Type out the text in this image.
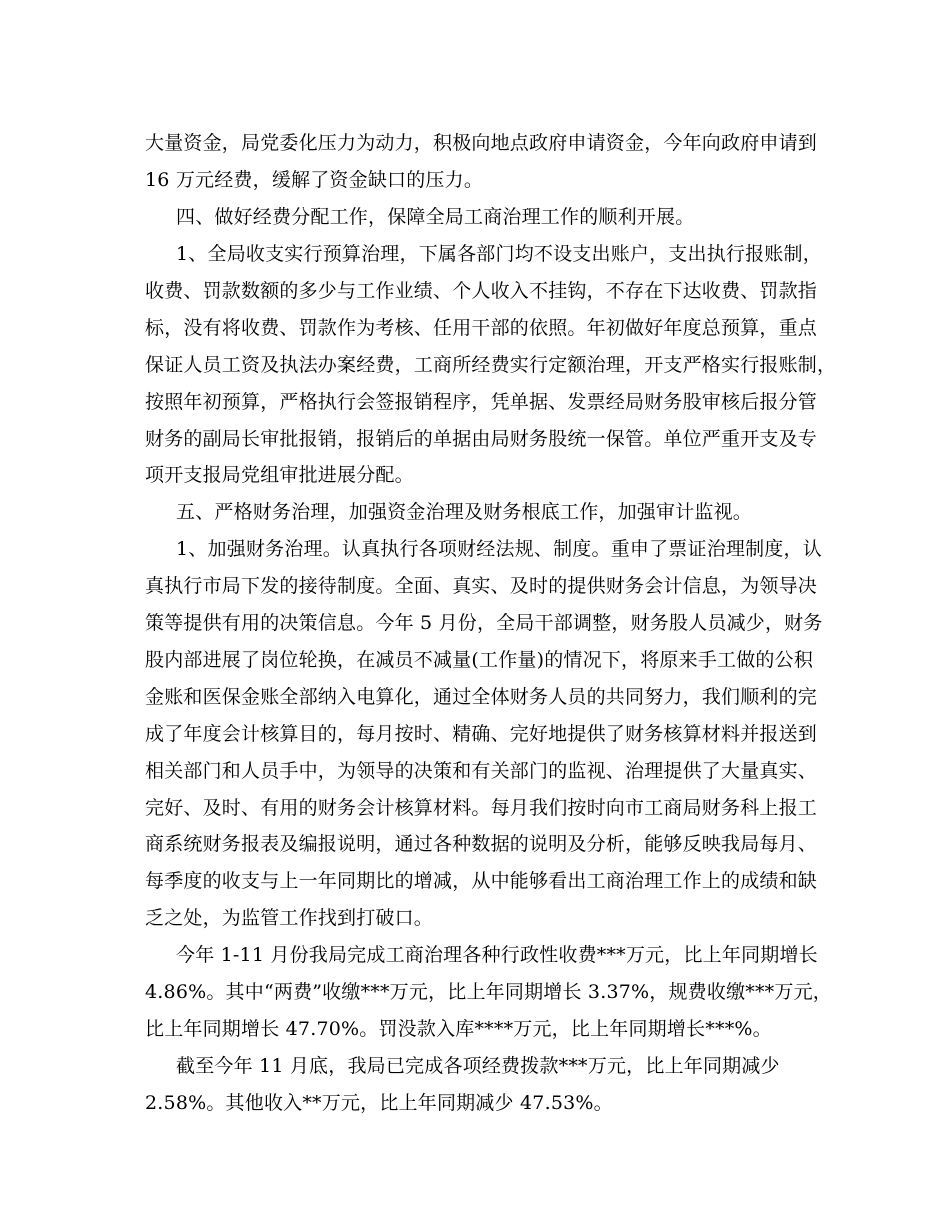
大量资金，局党委化压力为动力，积极向地点政府申请资金，今年向政府申请到
16 万元经费，缓解了资金缺口的压力。
四、做好经费分配工作，保障全局工商治理工作的顺利开展。
1、全局收支实行预算治理，下属各部门均不设支出账户，支出执行报账制，
收费、罚款数额的多少与工作业绩、个人收入不挂钩，不存在下达收费、罚款指
标，没有将收费、罚款作为考核、任用干部的依照。年初做好年度总预算，重点
保证人员工资及执法办案经费，工商所经费实行定额治理，开支严格实行报账制，
按照年初预算，严格执行会签报销程序，凭单据、发票经局财务股审核后报分管
财务的副局长审批报销，报销后的单据由局财务股统一保管。单位严重开支及专
项开支报局党组审批进展分配。
五、严格财务治理，加强资金治理及财务根底工作，加强审计监视。
1、加强财务治理。认真执行各项财经法规、制度。重申了票证治理制度，认
真执行市局下发的接待制度。全面、真实、及时的提供财务会计信息，为领导决
策等提供有用的决策信息。今年 5 月份，全局干部调整，财务股人员减少，财务
股内部进展了岗位轮换，在减员不减量(工作量)的情况下，将原来手工做的公积
金账和医保金账全部纳入电算化，通过全体财务人员的共同努力，我们顺利的完
成了年度会计核算目的，每月按时、精确、完好地提供了财务核算材料并报送到
相关部门和人员手中，为领导的决策和有关部门的监视、治理提供了大量真实、
完好、及时、有用的财务会计核算材料。每月我们按时向市工商局财务科上报工
商系统财务报表及编报说明，通过各种数据的说明及分析，能够反映我局每月、
每季度的收支与上一年同期比的增减，从中能够看出工商治理工作上的成绩和缺
乏之处，为监管工作找到打破口。
今年 1-11 月份我局完成工商治理各种行政性收费***万元，比上年同期增长
4.86%。其中“两费”收缴***万元，比上年同期增长 3.37%，规费收缴***万元，
比上年同期增长 47.70%。罚没款入库****万元，比上年同期增长***%。
截至今年 11 月底，我局已完成各项经费拨款***万元，比上年同期减少
2.58%。其他收入**万元，比上年同期减少 47.53%。
